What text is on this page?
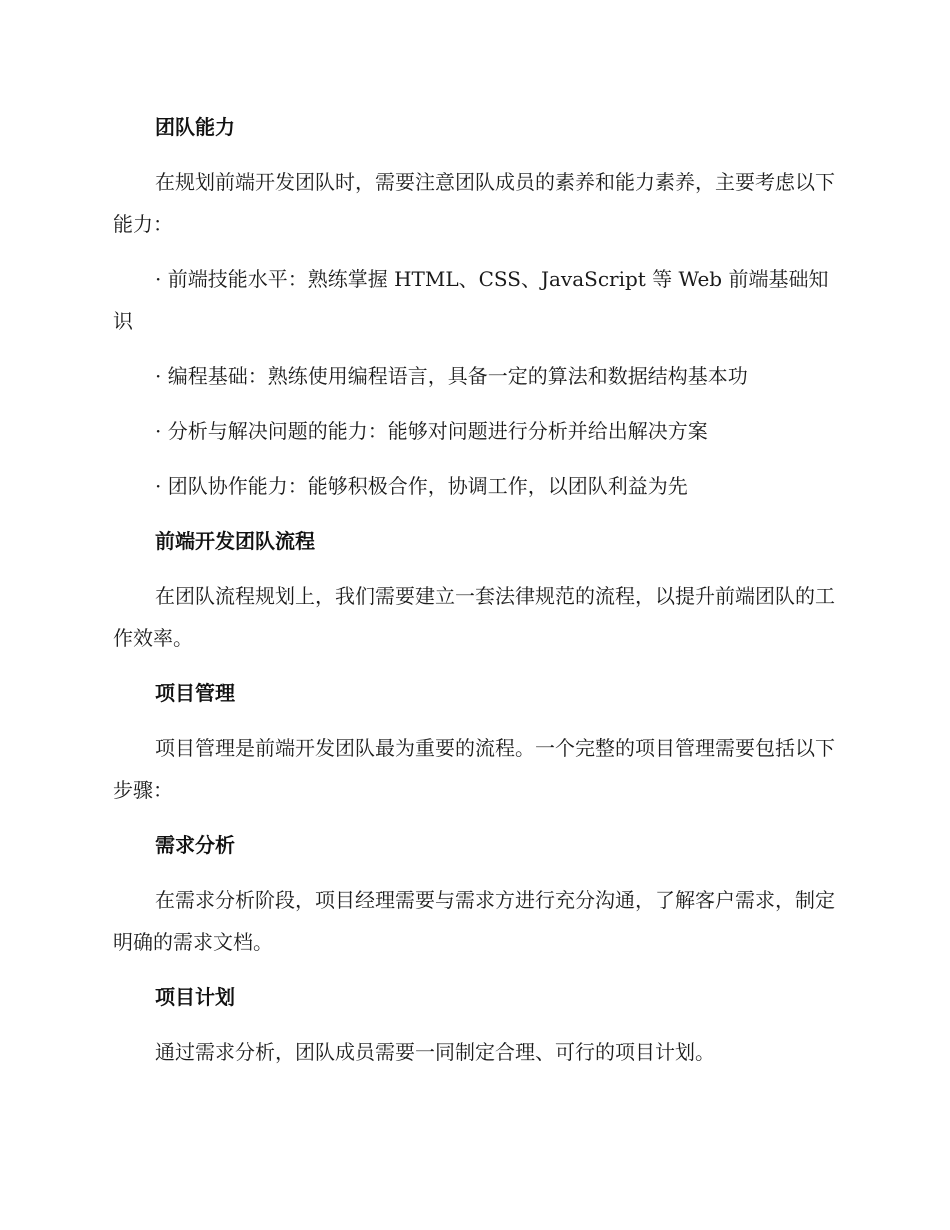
团队能力

在规划前端开发团队时，需要注意团队成员的素养和能力素养，主要考虑以下能力：

· 前端技能水平：熟练掌握 HTML、CSS、JavaScript 等 Web 前端基础知识

· 编程基础：熟练使用编程语言，具备一定的算法和数据结构基本功

· 分析与解决问题的能力：能够对问题进行分析并给出解决方案

· 团队协作能力：能够积极合作，协调工作，以团队利益为先

前端开发团队流程

在团队流程规划上，我们需要建立一套法律规范的流程，以提升前端团队的工作效率。

项目管理

项目管理是前端开发团队最为重要的流程。一个完整的项目管理需要包括以下步骤：

需求分析

在需求分析阶段，项目经理需要与需求方进行充分沟通，了解客户需求，制定明确的需求文档。

项目计划

通过需求分析，团队成员需要一同制定合理、可行的项目计划。
